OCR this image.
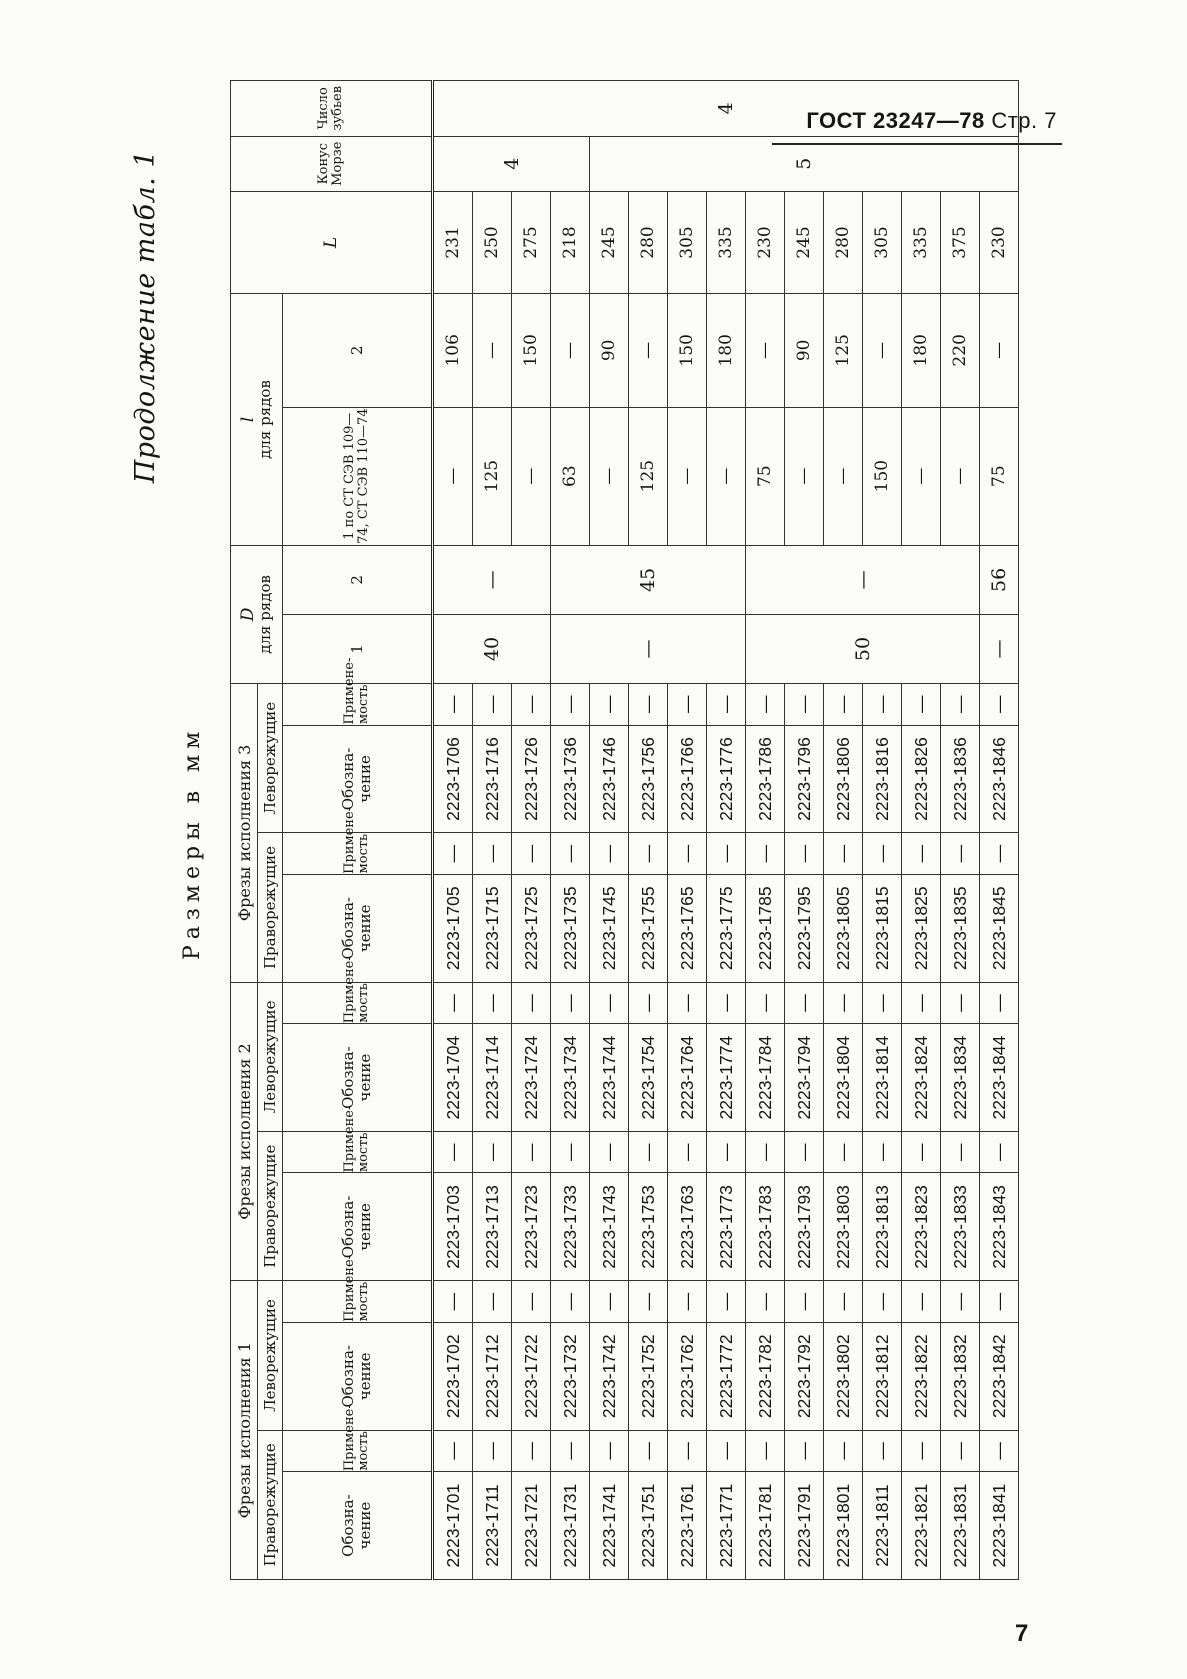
ГОСТ 23247—78 Стр. 7
Продолжение табл. 1
Размеры в мм
Фрезы исполнения 1				Фрезы исполнения 2				Фрезы исполнения 3				D
для рядов		l
для рядов		L	Конус Морзе	Число зубьев
Праворежущие		Леворежущие		Праворежущие		Леворежущие		Праворежущие		Леворежущие								
Обозна-чение	Примене-мость	Обозна-чение	Примене-мость	Обозна-чение	Примене-мость	Обозна-чение	Примене-мость	Обозна-чение	Примене-мость	Обозна-чение	Примене-мость	1	2	1 по СТ СЭВ 109—74, СТ СЭВ 110—74	2			
2223-1701	—	2223-1702	—	2223-1703	—	2223-1704	—	2223-1705	—	2223-1706	—	40	—	—	106	231	4	4
2223-1711	—	2223-1712	—	2223-1713	—	2223-1714	—	2223-1715	—	2223-1716	—			125	—	250		
2223-1721	—	2223-1722	—	2223-1723	—	2223-1724	—	2223-1725	—	2223-1726	—			—	150	275		
2223-1731	—	2223-1732	—	2223-1733	—	2223-1734	—	2223-1735	—	2223-1736	—	—	45	63	—	218		
2223-1741	—	2223-1742	—	2223-1743	—	2223-1744	—	2223-1745	—	2223-1746	—			—	90	245	5	
2223-1751	—	2223-1752	—	2223-1753	—	2223-1754	—	2223-1755	—	2223-1756	—			125	—	280		
2223-1761	—	2223-1762	—	2223-1763	—	2223-1764	—	2223-1765	—	2223-1766	—			—	150	305		
2223-1771	—	2223-1772	—	2223-1773	—	2223-1774	—	2223-1775	—	2223-1776	—			—	180	335		
2223-1781	—	2223-1782	—	2223-1783	—	2223-1784	—	2223-1785	—	2223-1786	—	50	—	75	—	230		
2223-1791	—	2223-1792	—	2223-1793	—	2223-1794	—	2223-1795	—	2223-1796	—			—	90	245		
2223-1801	—	2223-1802	—	2223-1803	—	2223-1804	—	2223-1805	—	2223-1806	—			—	125	280		
2223-1811	—	2223-1812	—	2223-1813	—	2223-1814	—	2223-1815	—	2223-1816	—			150	—	305		
2223-1821	—	2223-1822	—	2223-1823	—	2223-1824	—	2223-1825	—	2223-1826	—			—	180	335		
2223-1831	—	2223-1832	—	2223-1833	—	2223-1834	—	2223-1835	—	2223-1836	—			—	220	375		
2223-1841	—	2223-1842	—	2223-1843	—	2223-1844	—	2223-1845	—	2223-1846	—	—	56	75	—	230		
7
